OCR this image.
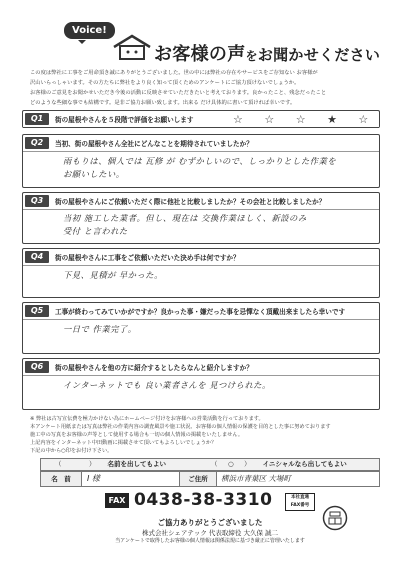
Voice!
お客様の声をお聞かせください

この度は弊社に工事をご用命頂き誠にありがとうございました。世の中には弊社の存在やサービスをご存知ない お客様が

沢山いらっしゃいます。その方たちに弊社をより良く知って頂くためのアンケートにご協力頂けないでしょうか。

お客様のご意見をお聞かせいただき今後の活動に反映させていただきたいと考えております。良かったこと、残念だったこと

どのような些細な事でも結構です。是非ご協力お願い致します。出来る だけ具体的に書いて頂ければ幸いです。

Q1	街の屋根やさんを５段階で評価をお願いします	☆ ☆ ☆ ★ ☆
Q2	当初、街の屋根やさん全社にどんなことを期待されていましたか？
雨もりは、個人では 瓦修 が むずかしいので、しっかりとした作業を
お願いしたい。
Q3	街の屋根やさんにご依頼いただく際に他社と比較しましたか？その会社と比較しましたか？
当初 施工した業者。但し、現在は 交換作業ほしく、新設のみ
受付 と言われた
Q4	街の屋根やさんに工事をご依頼いただいた決め手は何ですか？
下見、見積が 早かった。
Q5	工事が終わってみていかがですか？良かった事・嫌だった事を忌憚なく頂戴出来ましたら幸いです
一日で 作業完了。
Q6	街の屋根やさんを他の方に紹介するとしたらなんと紹介しますか？
インターネットでも 良い業者さんを 見つけられた。

※ 弊社は古写宣伝費を極力かけない為にホームページ付けをお客様への営業活動を行っております。

本アンケート用紙または写真は弊社の作業内容の調査風景や施工状況、お客様の個人情報の保護を目的とした事に努めております

施工中の写真をお客様の声等として使用する場合も一切の個人情報の掲載をいたしません。

上記内容をインターネット中田動画に掲載させて頂いてもよろしいでしょうか？

下記の中から○印をお付け下さい。

（　　　） 名前を出してもよい	（　○　） イニシャルなら出してもよい
名　前	I 様	ご住所	横浜市青葉区 大場町
FAX 0438-38-3310	本社直通
FAX番号

ご協力ありがとうございました

株式会社シェアテック 代表取締役 大久保 誠二

当アンケートで取得したお客様の個人情報は関係法規に基づき厳正に管理いたします
